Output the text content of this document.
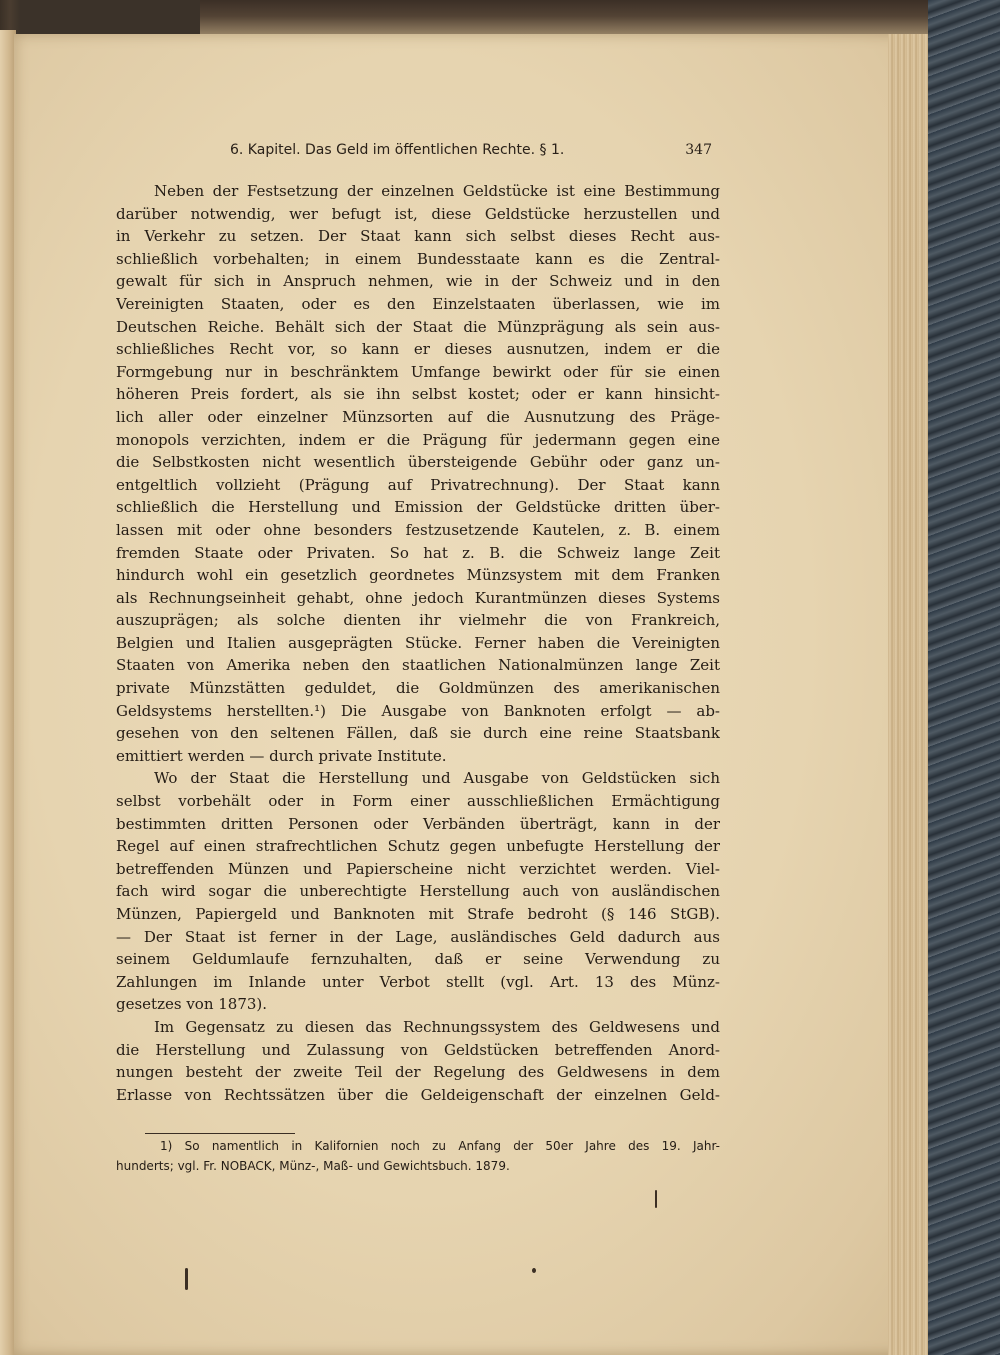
6. Kapitel. Das Geld im öffentlichen Rechte. § 1.	347
Neben der Festsetzung der einzelnen Geldstücke ist eine Bestimmung
darüber notwendig, wer befugt ist, diese Geldstücke herzustellen und
in Verkehr zu setzen. Der Staat kann sich selbst dieses Recht aus-
schließlich vorbehalten; in einem Bundesstaate kann es die Zentral-
gewalt für sich in Anspruch nehmen, wie in der Schweiz und in den
Vereinigten Staaten, oder es den Einzelstaaten überlassen, wie im
Deutschen Reiche. Behält sich der Staat die Münzprägung als sein aus-
schließliches Recht vor, so kann er dieses ausnutzen, indem er die
Formgebung nur in beschränktem Umfange bewirkt oder für sie einen
höheren Preis fordert, als sie ihn selbst kostet; oder er kann hinsicht-
lich aller oder einzelner Münzsorten auf die Ausnutzung des Präge-
monopols verzichten, indem er die Prägung für jedermann gegen eine
die Selbstkosten nicht wesentlich übersteigende Gebühr oder ganz un-
entgeltlich vollzieht (Prägung auf Privatrechnung). Der Staat kann
schließlich die Herstellung und Emission der Geldstücke dritten über-
lassen mit oder ohne besonders festzusetzende Kautelen, z. B. einem
fremden Staate oder Privaten. So hat z. B. die Schweiz lange Zeit
hindurch wohl ein gesetzlich geordnetes Münzsystem mit dem Franken
als Rechnungseinheit gehabt, ohne jedoch Kurantmünzen dieses Systems
auszuprägen; als solche dienten ihr vielmehr die von Frankreich,
Belgien und Italien ausgeprägten Stücke. Ferner haben die Vereinigten
Staaten von Amerika neben den staatlichen Nationalmünzen lange Zeit
private Münzstätten geduldet, die Goldmünzen des amerikanischen
Geldsystems herstellten.¹) Die Ausgabe von Banknoten erfolgt — ab-
gesehen von den seltenen Fällen, daß sie durch eine reine Staatsbank
emittiert werden — durch private Institute.
Wo der Staat die Herstellung und Ausgabe von Geldstücken sich
selbst vorbehält oder in Form einer ausschließlichen Ermächtigung
bestimmten dritten Personen oder Verbänden überträgt, kann in der
Regel auf einen strafrechtlichen Schutz gegen unbefugte Herstellung der
betreffenden Münzen und Papierscheine nicht verzichtet werden. Viel-
fach wird sogar die unberechtigte Herstellung auch von ausländischen
Münzen, Papiergeld und Banknoten mit Strafe bedroht (§ 146 StGB).
— Der Staat ist ferner in der Lage, ausländisches Geld dadurch aus
seinem Geldumlaufe fernzuhalten, daß er seine Verwendung zu
Zahlungen im Inlande unter Verbot stellt (vgl. Art. 13 des Münz-
gesetzes von 1873).
Im Gegensatz zu diesen das Rechnungssystem des Geldwesens und
die Herstellung und Zulassung von Geldstücken betreffenden Anord-
nungen besteht der zweite Teil der Regelung des Geldwesens in dem
Erlasse von Rechtssätzen über die Geldeigenschaft der einzelnen Geld-
1) So namentlich in Kalifornien noch zu Anfang der 50er Jahre des 19. Jahr-
hunderts; vgl. Fr. NOBACK, Münz-, Maß- und Gewichtsbuch. 1879.
